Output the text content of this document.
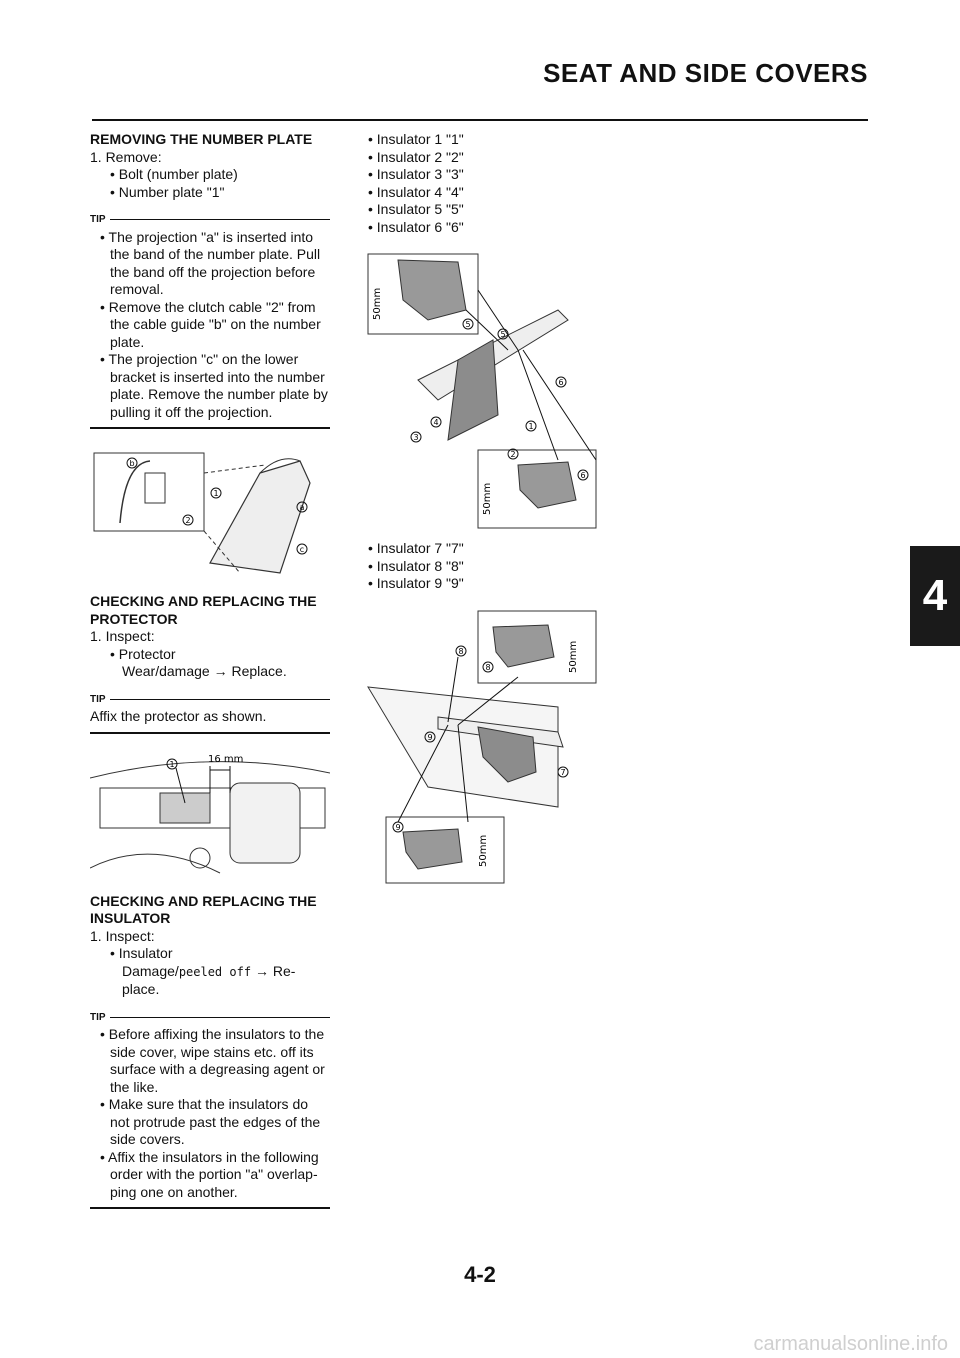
SEAT AND SIDE COVERS

REMOVING THE NUMBER PLATE

1. Remove:

• Bolt (number plate)

• Number plate "1"

TIP

• The projection "a" is inserted into the band of the number plate. Pull the band off the projection before removal.

• Remove the clutch cable "2" from the cable guide "b" on the number plate.

• The projection "c" on the lower bracket is inserted into the number plate. Remove the number plate by pulling it off the projection.

b
1
2
a
c

CHECKING AND REPLACING THE PROTECTOR

1. Inspect:

• Protector

Wear/damage → Replace.

TIP

Affix the protector as shown.

16 mm
1

CHECKING AND REPLACING THE INSULATOR

1. Inspect:

• Insulator

Damage/peeled off → Re-place.

TIP

• Before affixing the insulators to the side cover, wipe stains etc. off its surface with a degreasing agent or the like.

• Make sure that the insulators do not protrude past the edges of the side covers.

• Affix the insulators in the following order with the portion "a" overlap-ping one on another.

• Insulator 1 "1"

• Insulator 2 "2"

• Insulator 3 "3"

• Insulator 4 "4"

• Insulator 5 "5"

• Insulator 6 "6"

50mm
50mm
5
5
6
4	1
3
2
6

• Insulator 7 "7"

• Insulator 8 "8"

• Insulator 9 "9"

50mm
50mm
8
8
9
7
9
4
4-2
carmanualsonline.info
